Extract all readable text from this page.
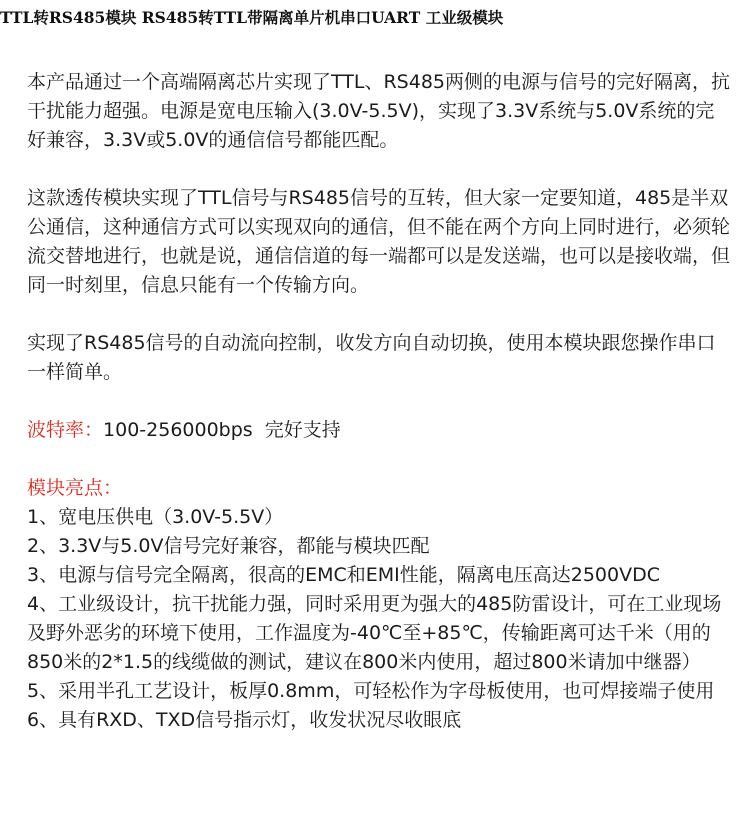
TTL转RS485模块 RS485转TTL带隔离单片机串口UART 工业级模块

本产品通过一个高端隔离芯片实现了TTL、RS485两侧的电源与信号的完好隔离，抗干扰能力超强。电源是宽电压输入(3.0V-5.5V)，实现了3.3V系统与5.0V系统的完好兼容，3.3V或5.0V的通信信号都能匹配。

这款透传模块实现了TTL信号与RS485信号的互转，但大家一定要知道，485是半双公通信，这种通信方式可以实现双向的通信，但不能在两个方向上同时进行，必须轮流交替地进行，也就是说，通信信道的每一端都可以是发送端，也可以是接收端，但同一时刻里，信息只能有一个传输方向。

实现了RS485信号的自动流向控制，收发方向自动切换，使用本模块跟您操作串口一样简单。

波特率：100-256000bps 完好支持

模块亮点：

1、宽电压供电（3.0V-5.5V）
2、3.3V与5.0V信号完好兼容，都能与模块匹配
3、电源与信号完全隔离，很高的EMC和EMI性能，隔离电压高达2500VDC
4、工业级设计，抗干扰能力强，同时采用更为强大的485防雷设计，可在工业现场及野外恶劣的环境下使用，工作温度为-40℃至+85℃，传输距离可达千米（用的850米的2*1.5的线缆做的测试，建议在800米内使用，超过800米请加中继器）
5、采用半孔工艺设计，板厚0.8mm，可轻松作为字母板使用，也可焊接端子使用
6、具有RXD、TXD信号指示灯，收发状况尽收眼底
